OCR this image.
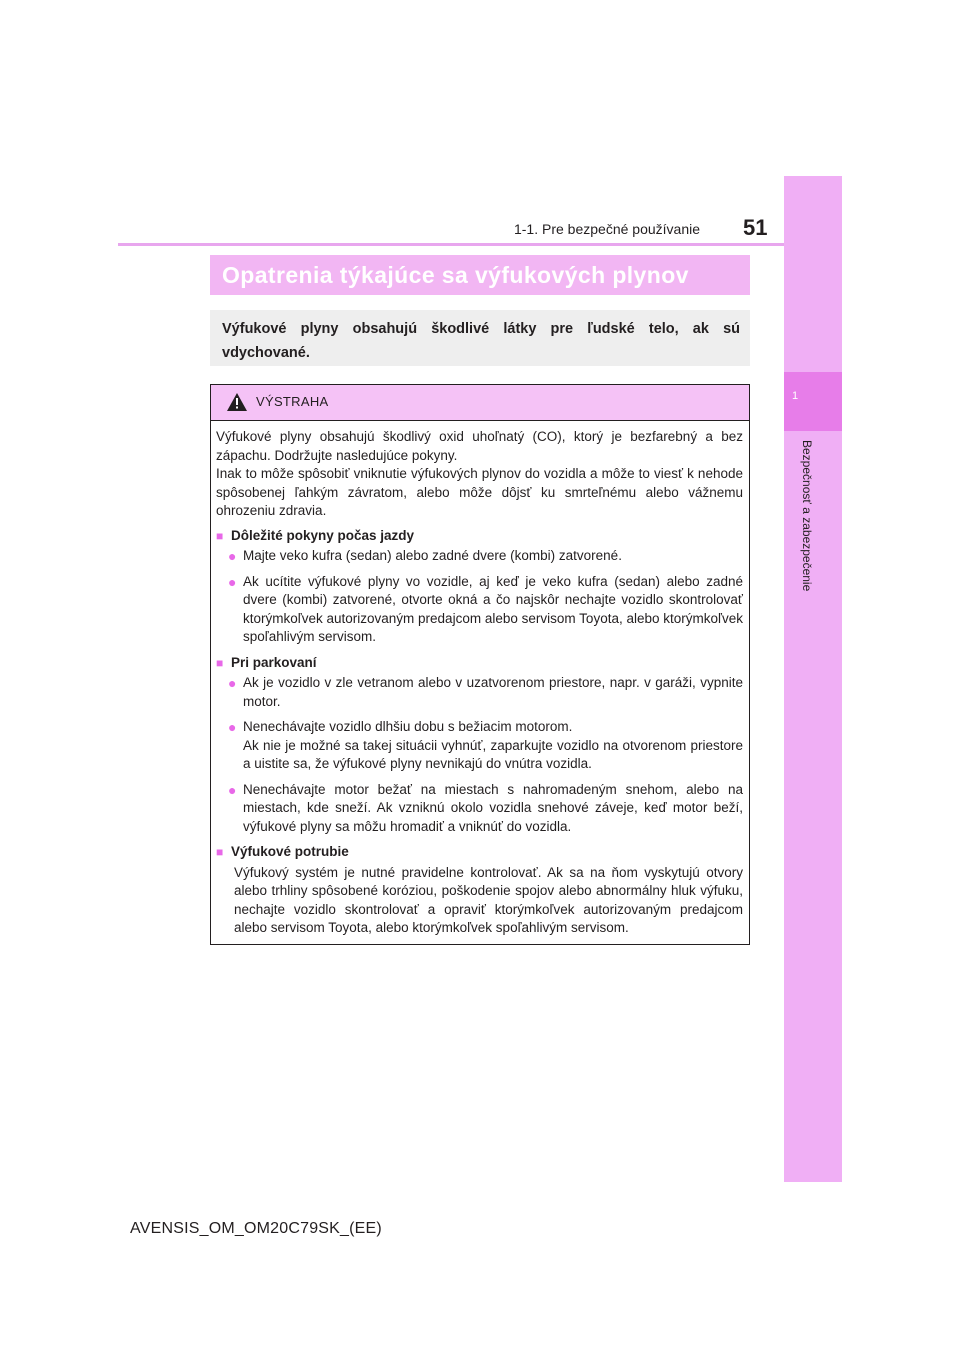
1
Bezpečnosť a zabezpečenie
1-1. Pre bezpečné používanie 51
Opatrenia týkajúce sa výfukových plynov
Výfukové plyny obsahujú škodlivé látky pre ľudské telo, ak sú vdychované.
VÝSTRAHA
Výfukové plyny obsahujú škodlivý oxid uhoľnatý (CO), ktorý je bezfarebný a bez zápachu. Dodržujte nasledujúce pokyny.
Inak to môže spôsobiť vniknutie výfukových plynov do vozidla a môže to viesť k nehode spôsobenej ľahkým závratom, alebo môže dôjsť ku smrteľnému alebo vážnemu ohrozeniu zdravia.
■ Dôležité pokyny počas jazdy
● Majte veko kufra (sedan) alebo zadné dvere (kombi) zatvorené.
● Ak ucítite výfukové plyny vo vozidle, aj keď je veko kufra (sedan) alebo zadné dvere (kombi) zatvorené, otvorte okná a čo najskôr nechajte vozidlo skontrolovať ktorýmkoľvek autorizovaným predajcom alebo servisom Toyota, alebo ktorýmkoľvek spoľahlivým servisom.
■ Pri parkovaní
● Ak je vozidlo v zle vetranom alebo v uzatvorenom priestore, napr. v garáži, vypnite motor.
● Nenechávajte vozidlo dlhšiu dobu s bežiacim motorom.
Ak nie je možné sa takej situácii vyhnúť, zaparkujte vozidlo na otvorenom priestore a uistite sa, že výfukové plyny nevnikajú do vnútra vozidla.
● Nenechávajte motor bežať na miestach s nahromadeným snehom, alebo na miestach, kde sneží. Ak vzniknú okolo vozidla snehové záveje, keď motor beží, výfukové plyny sa môžu hromadiť a vniknúť do vozidla.
■ Výfukové potrubie
Výfukový systém je nutné pravidelne kontrolovať. Ak sa na ňom vyskytujú otvory alebo trhliny spôsobené koróziou, poškodenie spojov alebo abnormálny hluk výfuku, nechajte vozidlo skontrolovať a opraviť ktorýmkoľvek autorizovaným predajcom alebo servisom Toyota, alebo ktorýmkoľvek spoľahlivým servisom.
AVENSIS_OM_OM20C79SK_(EE)
